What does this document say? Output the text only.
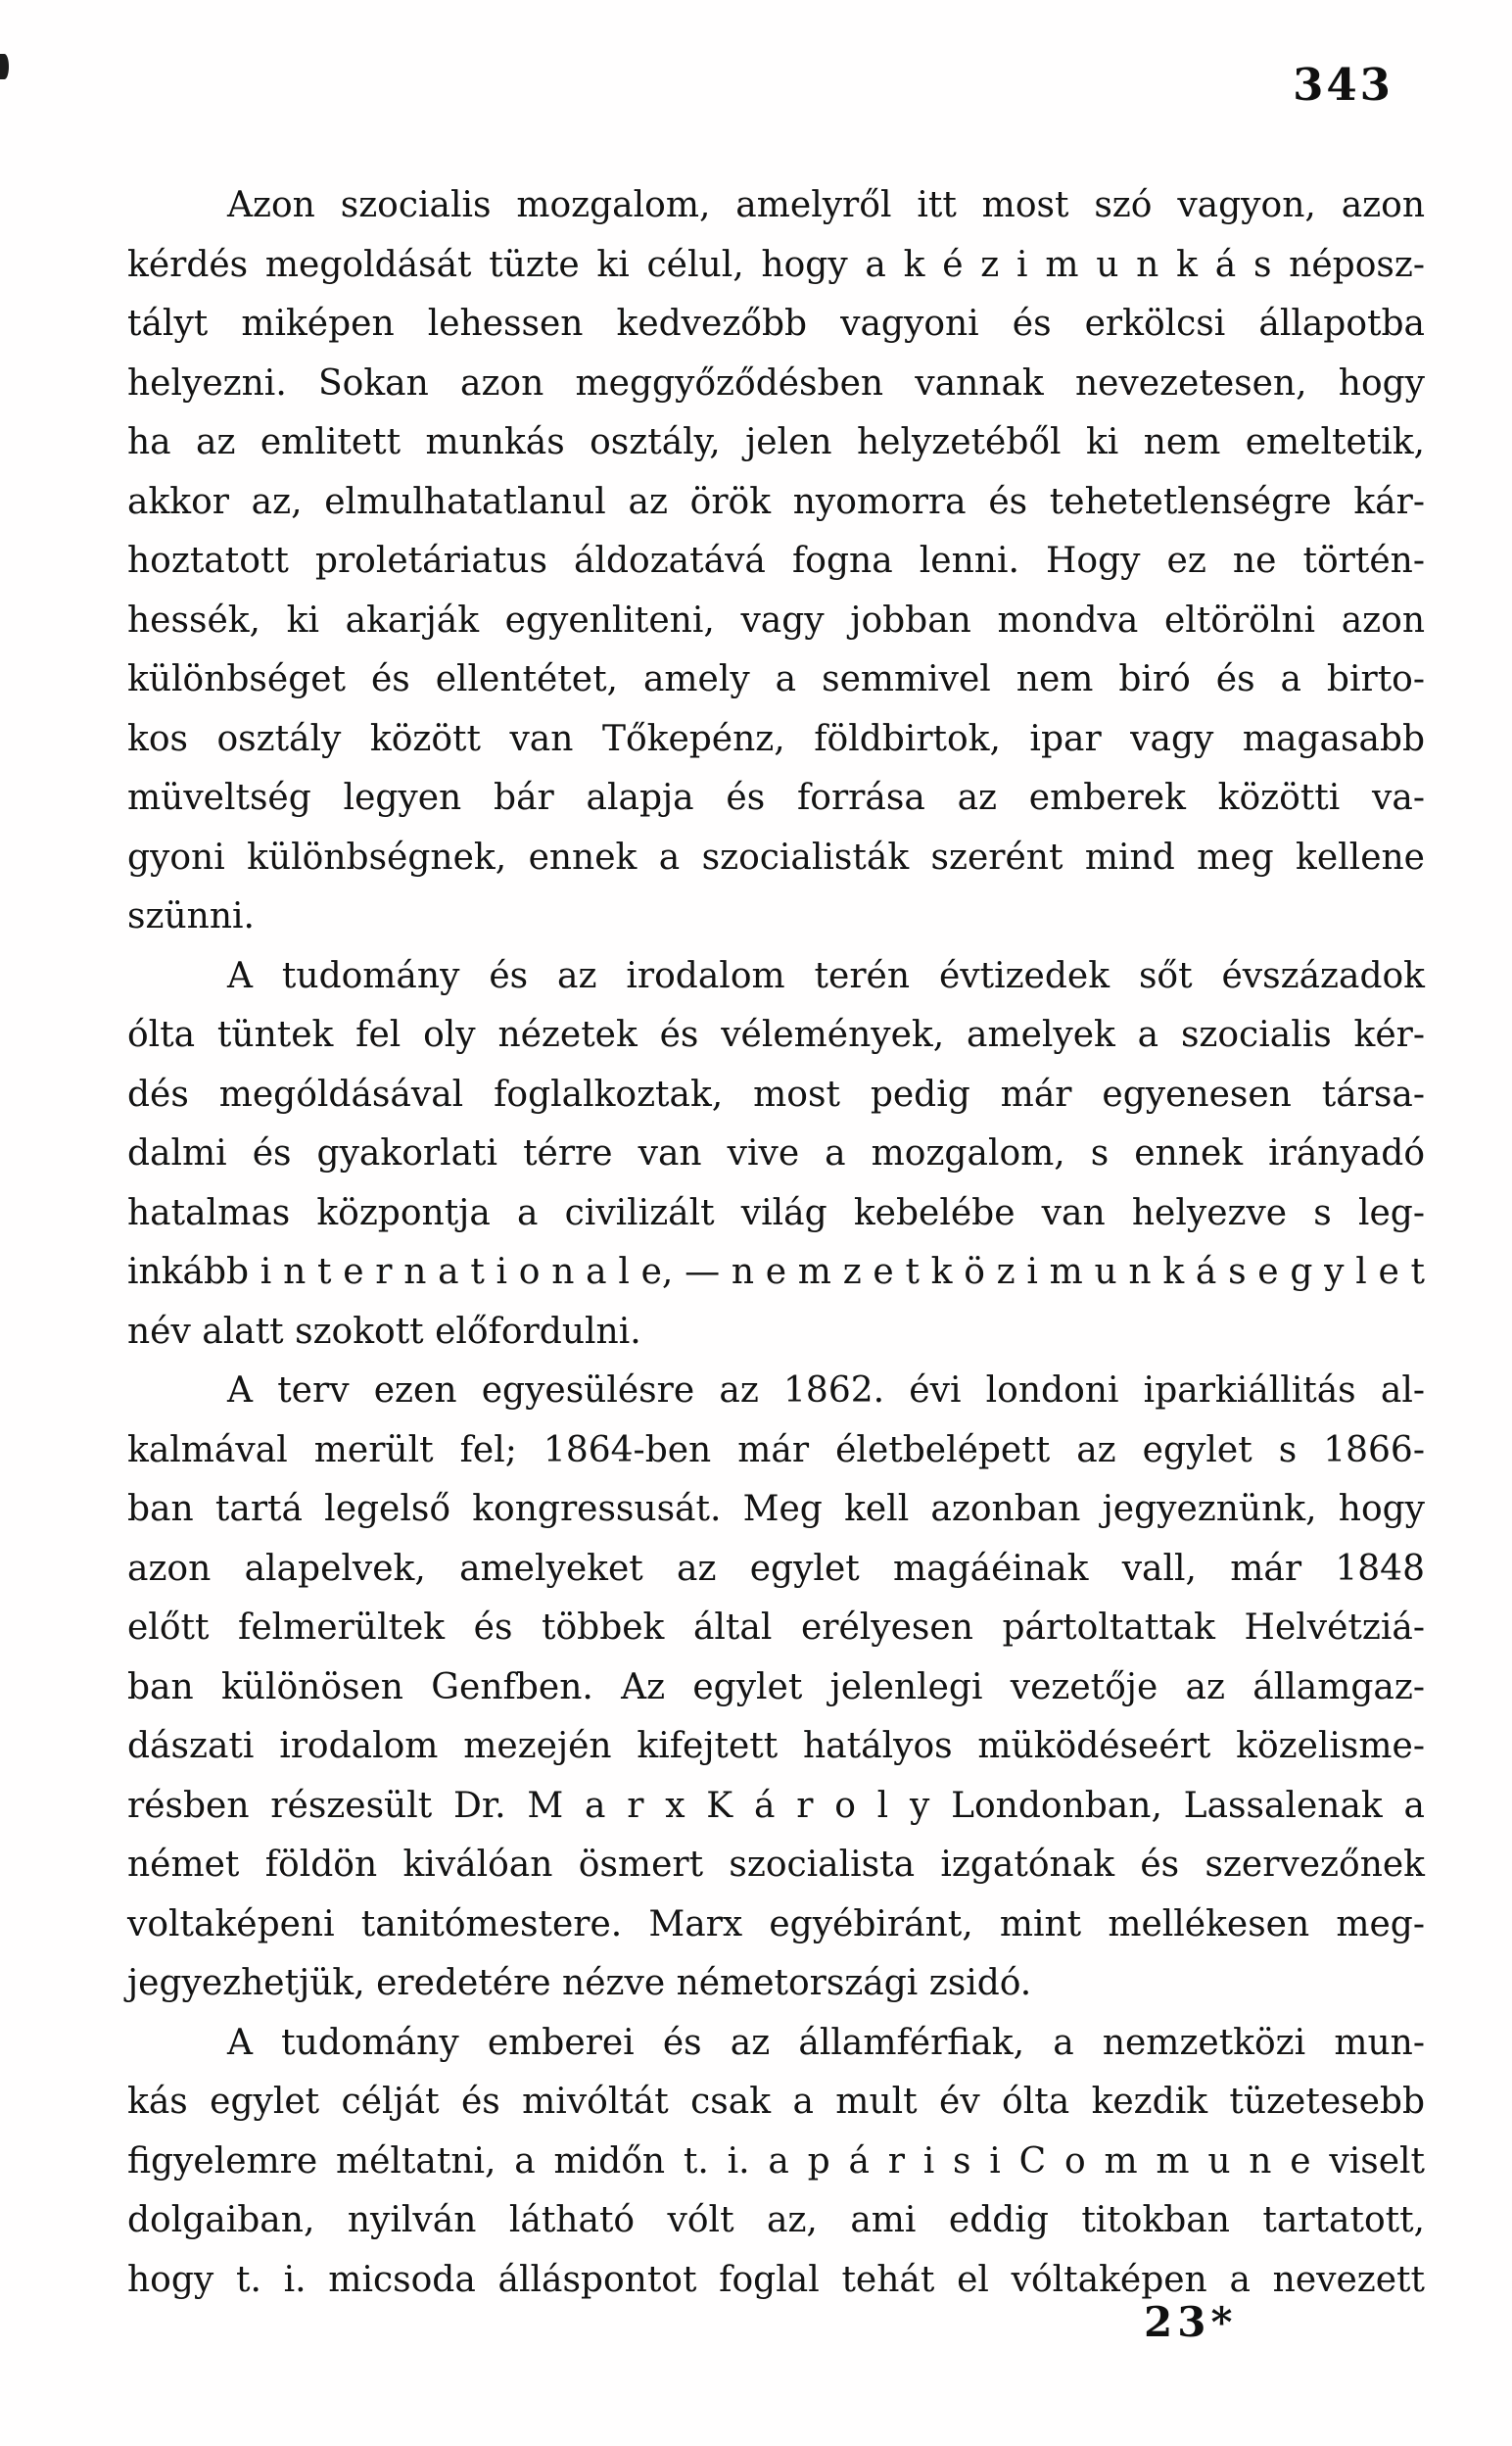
343
Azon szocialis mozgalom, amelyről itt most szó vagyon, azon
kérdés megoldását tüzte ki célul, hogy a k é z i m u n k á s néposz-
tályt miképen lehessen kedvezőbb vagyoni és erkölcsi állapotba
helyezni. Sokan azon meggyőződésben vannak nevezetesen, hogy
ha az emlitett munkás osztály, jelen helyzetéből ki nem emeltetik,
akkor az, elmulhatatlanul az örök nyomorra és tehetetlenségre kár-
hoztatott proletáriatus áldozatává fogna lenni. Hogy ez ne történ-
hessék, ki akarják egyenliteni, vagy jobban mondva eltörölni azon
különbséget és ellentétet, amely a semmivel nem biró és a birto-
kos osztály között van Tőkepénz, földbirtok, ipar vagy magasabb
müveltség legyen bár alapja és forrása az emberek közötti va-
gyoni különbségnek, ennek a szocialisták szerént mind meg kellene
szünni.
A tudomány és az irodalom terén évtizedek sőt évszázadok
ólta tüntek fel oly nézetek és vélemények, amelyek a szocialis kér-
dés mególdásával foglalkoztak, most pedig már egyenesen társa-
dalmi és gyakorlati térre van vive a mozgalom, s ennek irányadó
hatalmas központja a civilizált világ kebelébe van helyezve s leg-
inkább i n t e r n a t i o n a l e, — n e m z e t k ö z i m u n k á s e g y l e t
név alatt szokott előfordulni.
A terv ezen egyesülésre az 1862. évi londoni iparkiállitás al-
kalmával merült fel; 1864-ben már életbelépett az egylet s 1866-
ban tartá legelső kongressusát. Meg kell azonban jegyeznünk, hogy
azon alapelvek, amelyeket az egylet magáéinak vall, már 1848
előtt felmerültek és többek által erélyesen pártoltattak Helvétziá-
ban különösen Genfben. Az egylet jelenlegi vezetője az államgaz-
dászati irodalom mezején kifejtett hatályos müködéseért közelisme-
résben részesült Dr. M a r x K á r o l y Londonban, Lassalenak a
német földön kiválóan ösmert szocialista izgatónak és szervezőnek
voltaképeni tanitómestere. Marx egyébiránt, mint mellékesen meg-
jegyezhetjük, eredetére nézve németországi zsidó.
A tudomány emberei és az államférfiak, a nemzetközi mun-
kás egylet célját és mivóltát csak a mult év ólta kezdik tüzetesebb
figyelemre méltatni, a midőn t. i. a p á r i s i C o m m u n e viselt
dolgaiban, nyilván látható vólt az, ami eddig titokban tartatott,
hogy t. i. micsoda álláspontot foglal tehát el vóltaképen a nevezett
23*
